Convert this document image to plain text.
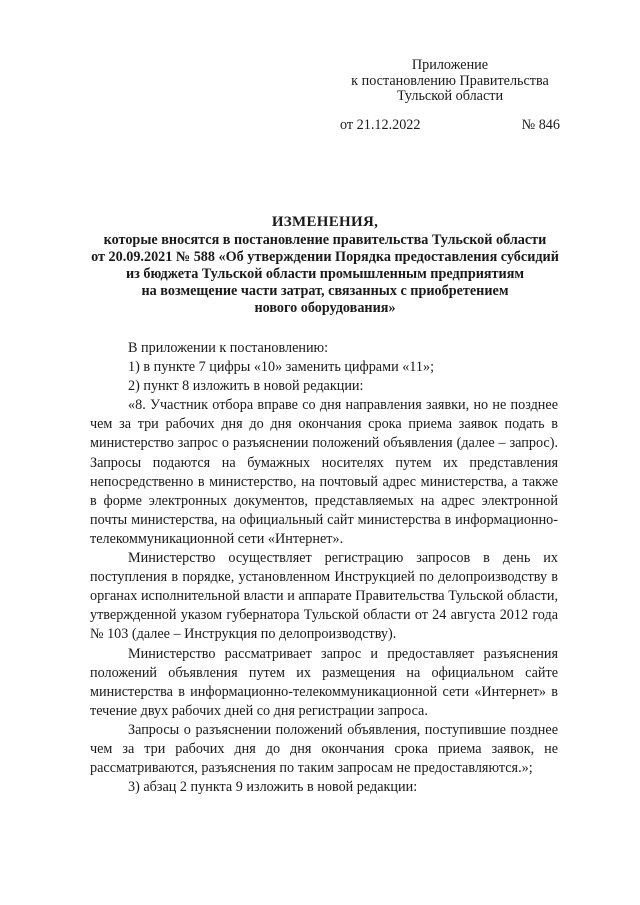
Приложение
к постановлению Правительства
Тульской области
от 21.12.2022	№ 846
ИЗМЕНЕНИЯ,
которые вносятся в постановление правительства Тульской области
от 20.09.2021 № 588 «Об утверждении Порядка предоставления субсидий
из бюджета Тульской области промышленным предприятиям
на возмещение части затрат, связанных с приобретением
нового оборудования»

В приложении к постановлению:

1) в пункте 7 цифры «10» заменить цифрами «11»;

2) пункт 8 изложить в новой редакции:

«8. Участник отбора вправе со дня направления заявки, но не позднее чем за три рабочих дня до дня окончания срока приема заявок подать в министерство запрос о разъяснении положений объявления (далее – запрос). Запросы подаются на бумажных носителях путем их представления непосредственно в министерство, на почтовый адрес министерства, а также в форме электронных документов, представляемых на адрес электронной почты министерства, на официальный сайт министерства в информационно-телекоммуникационной сети «Интернет».

Министерство осуществляет регистрацию запросов в день их поступления в порядке, установленном Инструкцией по делопроизводству в органах исполнительной власти и аппарате Правительства Тульской области, утвержденной указом губернатора Тульской области от 24 августа 2012 года № 103 (далее – Инструкция по делопроизводству).

Министерство рассматривает запрос и предоставляет разъяснения положений объявления путем их размещения на официальном сайте министерства в информационно-телекоммуникационной сети «Интернет» в течение двух рабочих дней со дня регистрации запроса.

Запросы о разъяснении положений объявления, поступившие позднее чем за три рабочих дня до дня окончания срока приема заявок, не рассматриваются, разъяснения по таким запросам не предоставляются.»;

3) абзац 2 пункта 9 изложить в новой редакции:
